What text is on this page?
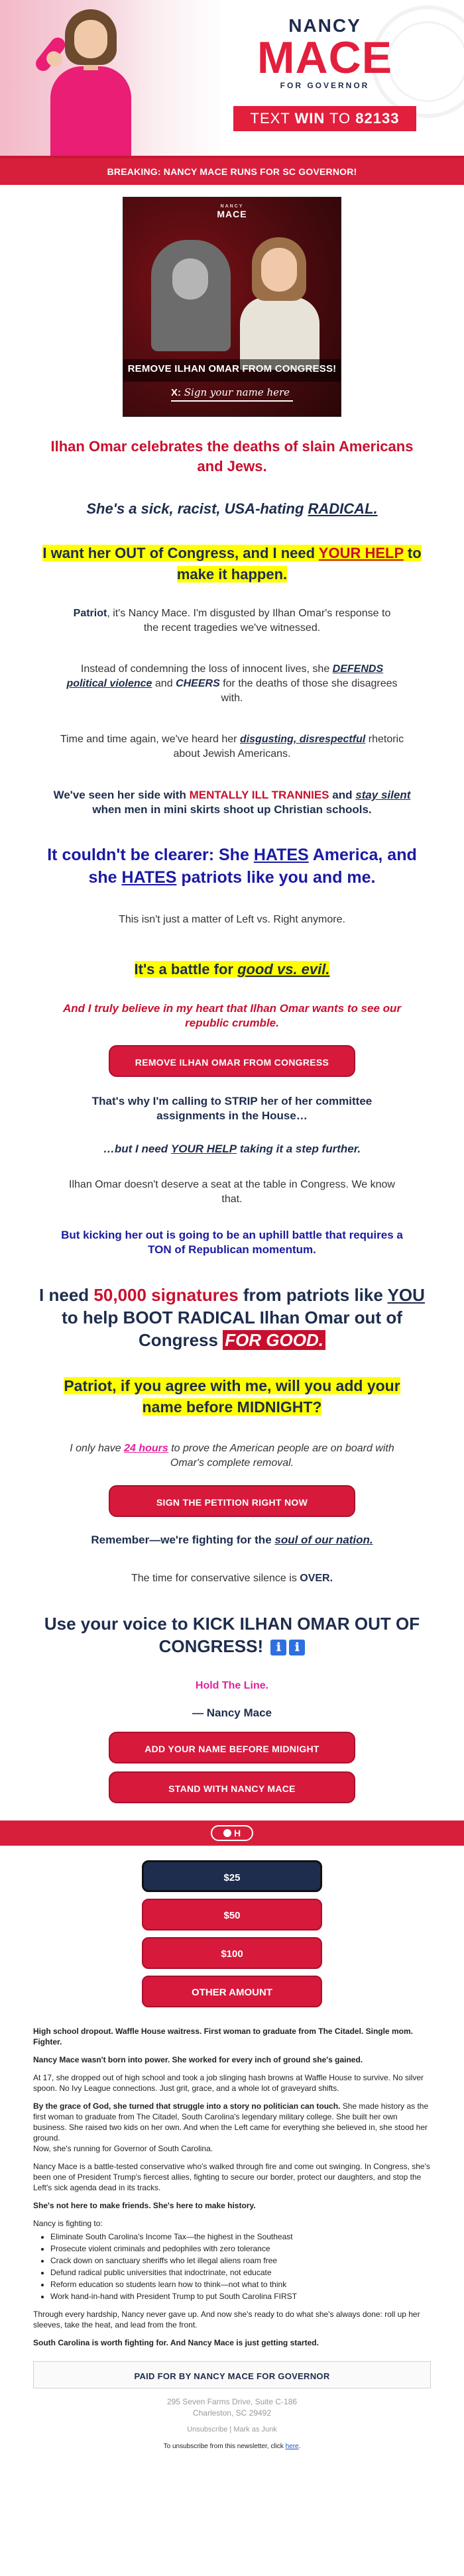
NANCY
MACE
FOR GOVERNOR
TEXT WIN TO 82133
BREAKING: NANCY MACE RUNS FOR SC GOVERNOR!
NANCY
MACE
REMOVE ILHAN OMAR FROM CONGRESS!
X: Sign your name here
Ilhan Omar celebrates the deaths of slain Americans and Jews.
She's a sick, racist, USA-hating RADICAL.
I want her OUT of Congress, and I need YOUR HELP to make it happen.
Patriot, it's Nancy Mace. I'm disgusted by Ilhan Omar's response to the recent tragedies we've witnessed.
Instead of condemning the loss of innocent lives, she DEFENDS political violence and CHEERS for the deaths of those she disagrees with.
Time and time again, we've heard her disgusting, disrespectful rhetoric about Jewish Americans.
We've seen her side with MENTALLY ILL TRANNIES and stay silent when men in mini skirts shoot up Christian schools.
It couldn't be clearer: She HATES America, and she HATES patriots like you and me.
This isn't just a matter of Left vs. Right anymore.
It's a battle for good vs. evil.
And I truly believe in my heart that Ilhan Omar wants to see our republic crumble.
REMOVE ILHAN OMAR FROM CONGRESS
That's why I'm calling to STRIP her of her committee assignments in the House…
…but I need YOUR HELP taking it a step further.
Ilhan Omar doesn't deserve a seat at the table in Congress. We know that.
But kicking her out is going to be an uphill battle that requires a TON of Republican momentum.
I need 50,000 signatures from patriots like YOU to help BOOT RADICAL Ilhan Omar out of Congress FOR GOOD.
Patriot, if you agree with me, will you add your name before MIDNIGHT?
I only have 24 hours to prove the American people are on board with Omar's complete removal.
SIGN THE PETITION RIGHT NOW
Remember—we're fighting for the soul of our nation.
The time for conservative silence is OVER.
Use your voice to KICK ILHAN OMAR OUT OF CONGRESS! ℹ ℹ
Hold The Line.
— Nancy Mace
ADD YOUR NAME BEFORE MIDNIGHT
STAND WITH NANCY MACE
H
$25
$50
$100
OTHER AMOUNT

High school dropout. Waffle House waitress. First woman to graduate from The Citadel. Single mom. Fighter.

Nancy Mace wasn't born into power. She worked for every inch of ground she's gained.

At 17, she dropped out of high school and took a job slinging hash browns at Waffle House to survive. No silver spoon. No Ivy League connections. Just grit, grace, and a whole lot of graveyard shifts.

By the grace of God, she turned that struggle into a story no politician can touch. She made history as the first woman to graduate from The Citadel, South Carolina's legendary military college. She built her own business. She raised two kids on her own. And when the Left came for everything she believed in, she stood her ground.
Now, she's running for Governor of South Carolina.

Nancy Mace is a battle-tested conservative who's walked through fire and come out swinging. In Congress, she's been one of President Trump's fiercest allies, fighting to secure our border, protect our daughters, and stop the Left's sick agenda dead in its tracks.

She's not here to make friends. She's here to make history.

Nancy is fighting to:

• Eliminate South Carolina's Income Tax—the highest in the Southeast
• Prosecute violent criminals and pedophiles with zero tolerance
• Crack down on sanctuary sheriffs who let illegal aliens roam free
• Defund radical public universities that indoctrinate, not educate
• Reform education so students learn how to think—not what to think
• Work hand-in-hand with President Trump to put South Carolina FIRST

Through every hardship, Nancy never gave up. And now she's ready to do what she's always done: roll up her sleeves, take the heat, and lead from the front.

South Carolina is worth fighting for. And Nancy Mace is just getting started.

PAID FOR BY NANCY MACE FOR GOVERNOR
295 Seven Farms Drive, Suite C-186
Charleston, SC 29492
Unsubscribe | Mark as Junk
To unsubscribe from this newsletter, click here.
